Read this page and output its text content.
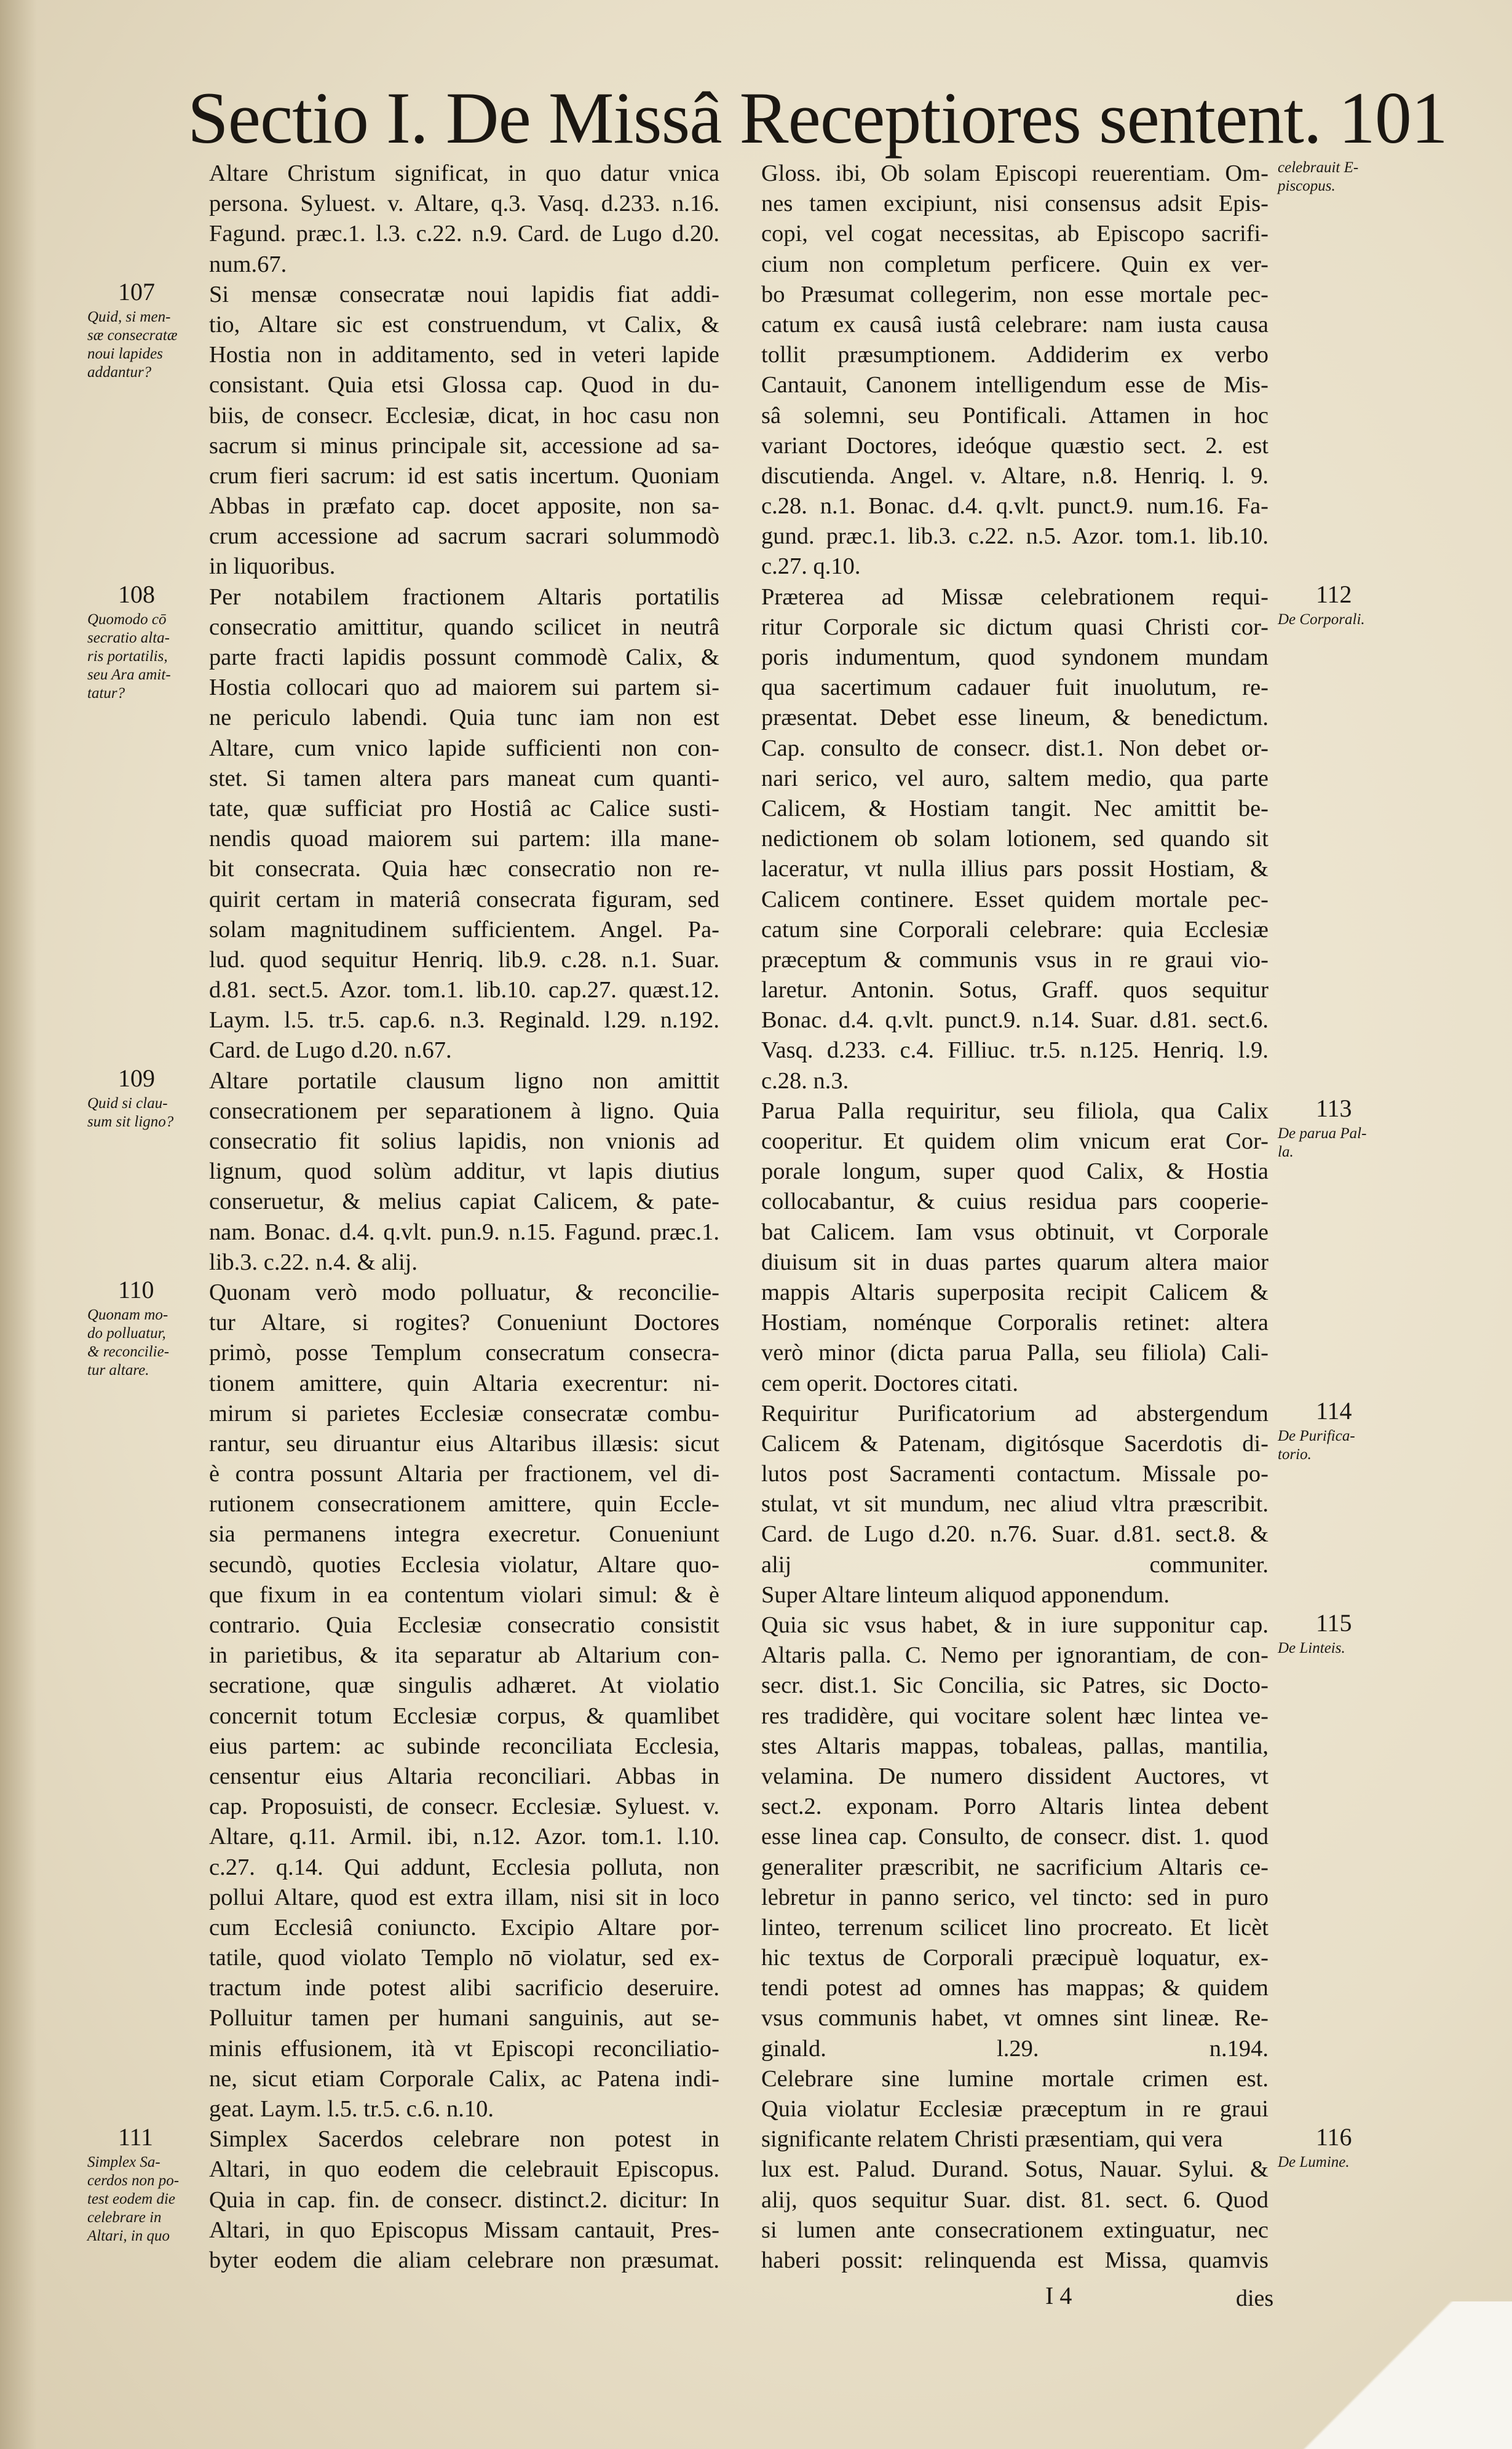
Sectio I. De Missâ Receptiores sentent. 101
Altare Christum significat, in quo datur vnica
persona. Syluest. v. Altare, q.3. Vasq. d.233. n.16.
Fagund. præc.1. l.3. c.22. n.9. Card. de Lugo d.20.
num.67.
Si mensæ consecratæ noui lapidis fiat addi-
tio, Altare sic est construendum, vt Calix, &
Hostia non in additamento, sed in veteri lapide
consistant. Quia etsi Glossa cap. Quod in du-
biis, de consecr. Ecclesiæ, dicat, in hoc casu non
sacrum si minus principale sit, accessione ad sa-
crum fieri sacrum: id est satis incertum. Quoniam
Abbas in præfato cap. docet apposite, non sa-
crum accessione ad sacrum sacrari solummodò
in liquoribus.
Per notabilem fractionem Altaris portatilis
consecratio amittitur, quando scilicet in neutrâ
parte fracti lapidis possunt commodè Calix, &
Hostia collocari quo ad maiorem sui partem si-
ne periculo labendi. Quia tunc iam non est
Altare, cum vnico lapide sufficienti non con-
stet. Si tamen altera pars maneat cum quanti-
tate, quæ sufficiat pro Hostiâ ac Calice susti-
nendis quoad maiorem sui partem: illa mane-
bit consecrata. Quia hæc consecratio non re-
quirit certam in materiâ consecrata figuram, sed
solam magnitudinem sufficientem. Angel. Pa-
lud. quod sequitur Henriq. lib.9. c.28. n.1. Suar.
d.81. sect.5. Azor. tom.1. lib.10. cap.27. quæst.12.
Laym. l.5. tr.5. cap.6. n.3. Reginald. l.29. n.192.
Card. de Lugo d.20. n.67.
Altare portatile clausum ligno non amittit
consecrationem per separationem à ligno. Quia
consecratio fit solius lapidis, non vnionis ad
lignum, quod solùm additur, vt lapis diutius
conseruetur, & melius capiat Calicem, & pate-
nam. Bonac. d.4. q.vlt. pun.9. n.15. Fagund. præc.1.
lib.3. c.22. n.4. & alij.
Quonam verò modo polluatur, & reconcilie-
tur Altare, si rogites? Conueniunt Doctores
primò, posse Templum consecratum consecra-
tionem amittere, quin Altaria execrentur: ni-
mirum si parietes Ecclesiæ consecratæ combu-
rantur, seu diruantur eius Altaribus illæsis: sicut
è contra possunt Altaria per fractionem, vel di-
rutionem consecrationem amittere, quin Eccle-
sia permanens integra execretur. Conueniunt
secundò, quoties Ecclesia violatur, Altare quo-
que fixum in ea contentum violari simul: & è
contrario. Quia Ecclesiæ consecratio consistit
in parietibus, & ita separatur ab Altarium con-
secratione, quæ singulis adhæret. At violatio
concernit totum Ecclesiæ corpus, & quamlibet
eius partem: ac subinde reconciliata Ecclesia,
censentur eius Altaria reconciliari. Abbas in
cap. Proposuisti, de consecr. Ecclesiæ. Syluest. v.
Altare, q.11. Armil. ibi, n.12. Azor. tom.1. l.10.
c.27. q.14. Qui addunt, Ecclesia polluta, non
pollui Altare, quod est extra illam, nisi sit in loco
cum Ecclesiâ coniuncto. Excipio Altare por-
tatile, quod violato Templo nō violatur, sed ex-
tractum inde potest alibi sacrificio deseruire.
Polluitur tamen per humani sanguinis, aut se-
minis effusionem, ità vt Episcopi reconciliatio-
ne, sicut etiam Corporale Calix, ac Patena indi-
geat. Laym. l.5. tr.5. c.6. n.10.
Simplex Sacerdos celebrare non potest in
Altari, in quo eodem die celebrauit Episcopus.
Quia in cap. fin. de consecr. distinct.2. dicitur: In
Altari, in quo Episcopus Missam cantauit, Pres-
byter eodem die aliam celebrare non præsumat.
Gloss. ibi, Ob solam Episcopi reuerentiam. Om-
nes tamen excipiunt, nisi consensus adsit Epis-
copi, vel cogat necessitas, ab Episcopo sacrifi-
cium non completum perficere. Quin ex ver-
bo Præsumat collegerim, non esse mortale pec-
catum ex causâ iustâ celebrare: nam iusta causa
tollit præsumptionem. Addiderim ex verbo
Cantauit, Canonem intelligendum esse de Mis-
sâ solemni, seu Pontificali. Attamen in hoc
variant Doctores, ideóque quæstio sect. 2. est
discutienda. Angel. v. Altare, n.8. Henriq. l. 9.
c.28. n.1. Bonac. d.4. q.vlt. punct.9. num.16. Fa-
gund. præc.1. lib.3. c.22. n.5. Azor. tom.1. lib.10.
c.27. q.10.
Præterea ad Missæ celebrationem requi-
ritur Corporale sic dictum quasi Christi cor-
poris indumentum, quod syndonem mundam
qua sacertimum cadauer fuit inuolutum, re-
præsentat. Debet esse lineum, & benedictum.
Cap. consulto de consecr. dist.1. Non debet or-
nari serico, vel auro, saltem medio, qua parte
Calicem, & Hostiam tangit. Nec amittit be-
nedictionem ob solam lotionem, sed quando sit
laceratur, vt nulla illius pars possit Hostiam, &
Calicem continere. Esset quidem mortale pec-
catum sine Corporali celebrare: quia Ecclesiæ
præceptum & communis vsus in re graui vio-
laretur. Antonin. Sotus, Graff. quos sequitur
Bonac. d.4. q.vlt. punct.9. n.14. Suar. d.81. sect.6.
Vasq. d.233. c.4. Filliuc. tr.5. n.125. Henriq. l.9.
c.28. n.3.
Parua Palla requiritur, seu filiola, qua Calix
cooperitur. Et quidem olim vnicum erat Cor-
porale longum, super quod Calix, & Hostia
collocabantur, & cuius residua pars cooperie-
bat Calicem. Iam vsus obtinuit, vt Corporale
diuisum sit in duas partes quarum altera maior
mappis Altaris superposita recipit Calicem &
Hostiam, noménque Corporalis retinet: altera
verò minor (dicta parua Palla, seu filiola) Cali-
cem operit. Doctores citati.
Requiritur Purificatorium ad abstergendum
Calicem & Patenam, digitósque Sacerdotis di-
lutos post Sacramenti contactum. Missale po-
stulat, vt sit mundum, nec aliud vltra præscribit.
Card. de Lugo d.20. n.76. Suar. d.81. sect.8. &
alij communiter.
Super Altare linteum aliquod apponendum.
Quia sic vsus habet, & in iure supponitur cap.
Altaris palla. C. Nemo per ignorantiam, de con-
secr. dist.1. Sic Concilia, sic Patres, sic Docto-
res tradidère, qui vocitare solent hæc lintea ve-
stes Altaris mappas, tobaleas, pallas, mantilia,
velamina. De numero dissident Auctores, vt
sect.2. exponam. Porro Altaris lintea debent
esse linea cap. Consulto, de consecr. dist. 1. quod
generaliter præscribit, ne sacrificium Altaris ce-
lebretur in panno serico, vel tincto: sed in puro
linteo, terrenum scilicet lino procreato. Et licèt
hic textus de Corporali præcipuè loquatur, ex-
tendi potest ad omnes has mappas; & quidem
vsus communis habet, vt omnes sint lineæ. Re-
ginald. l.29. n.194.
Celebrare sine lumine mortale crimen est.
Quia violatur Ecclesiæ præceptum in re graui
significante relatem Christi præsentiam, qui vera
lux est. Palud. Durand. Sotus, Nauar. Sylui. &
alij, quos sequitur Suar. dist. 81. sect. 6. Quod
si lumen ante consecrationem extinguatur, nec
haberi possit: relinquenda est Missa, quamvis
107
Quid, si men-
sæ consecratæ
noui lapides
addantur?
108
Quomodo cō
secratio alta-
ris portatilis,
seu Ara amit-
tatur?
109
Quid si clau-
sum sit ligno?
110
Quonam mo-
do polluatur,
& reconcilie-
tur altare.
111
Simplex Sa-
cerdos non po-
test eodem die
celebrare in
Altari, in quo
celebrauit E-
piscopus.
112
De Corporali.
113
De parua Pal-
la.
114
De Purifica-
torio.
115
De Linteis.
116
De Lumine.
I 4	dies
